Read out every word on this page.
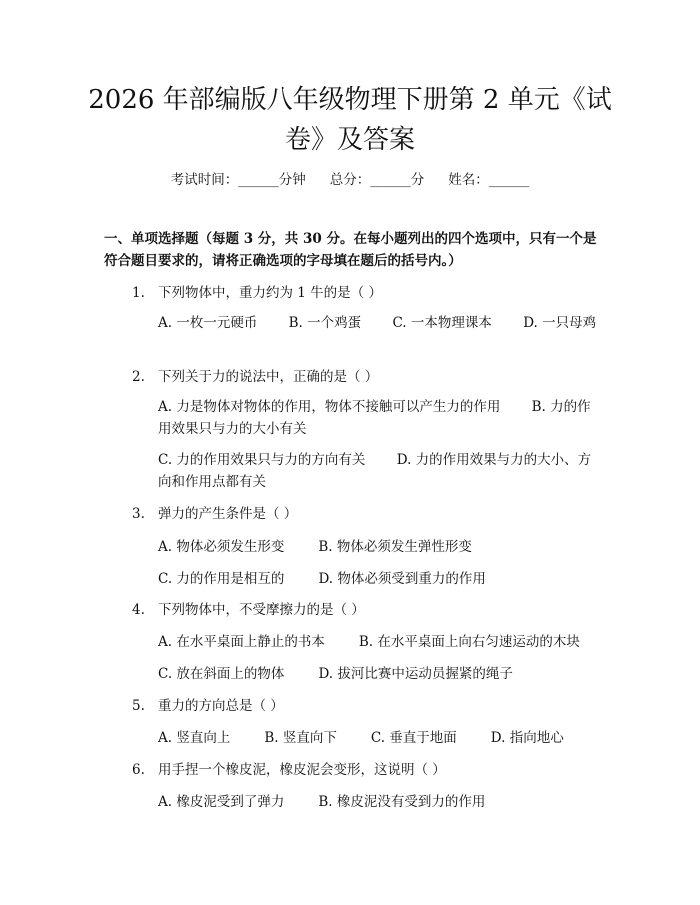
2026 年部编版八年级物理下册第 2 单元《试
卷》及答案
考试时间：______分钟 总分：______分 姓名：______
一、单项选择题（每题 3 分，共 30 分。在每小题列出的四个选项中，只有一个是符合题目要求的，请将正确选项的字母填在题后的括号内。）
1. 下列物体中，重力约为 1 牛的是（ ）
A. 一枚一元硬币   B. 一个鸡蛋   C. 一本物理课本   D. 一只母鸡
2. 下列关于力的说法中，正确的是（ ）
A. 力是物体对物体的作用，物体不接触可以产生力的作用   B. 力的作用效果只与力的大小有关
C. 力的作用效果只与力的方向有关   D. 力的作用效果与力的大小、方向和作用点都有关
3. 弹力的产生条件是（ ）
A. 物体必须发生形变	B. 物体必须发生弹性形变
C. 力的作用是相互的	D. 物体必须受到重力的作用
4. 下列物体中，不受摩擦力的是（ ）
A. 在水平桌面上静止的书本	B. 在水平桌面上向右匀速运动的木块
C. 放在斜面上的物体	D. 拔河比赛中运动员握紧的绳子
5. 重力的方向总是（ ）
A. 竖直向上	B. 竖直向下	C. 垂直于地面	D. 指向地心
6. 用手捏一个橡皮泥，橡皮泥会变形，这说明（ ）
A. 橡皮泥受到了弹力	B. 橡皮泥没有受到力的作用
